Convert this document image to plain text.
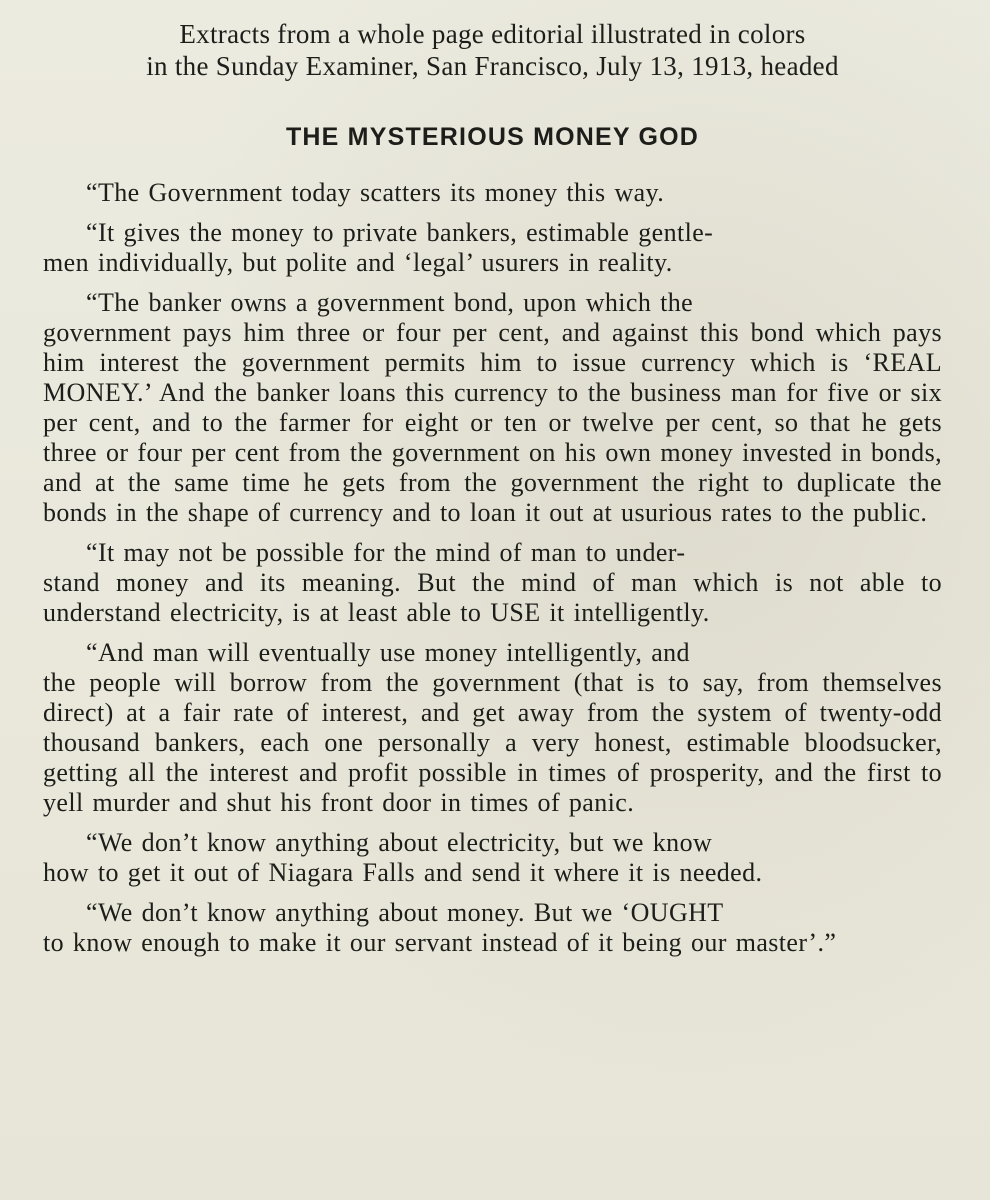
Extracts from a whole page editorial illustrated in colors
in the Sunday Examiner, San Francisco, July 13, 1913, headed

THE MYSTERIOUS MONEY GOD

“The Government today scatters its money this way.

“It gives the money to private bankers, estimable gentle-
men individually, but polite and ‘legal’ usurers in reality.

“The banker owns a government bond, upon which the
government pays him three or four per cent, and against this bond which pays him interest the government permits him to issue currency which is ‘REAL MONEY.’ And the banker loans this currency to the business man for five or six per cent, and to the farmer for eight or ten or twelve per cent, so that he gets three or four per cent from the government on his own money invested in bonds, and at the same time he gets from the government the right to duplicate the bonds in the shape of currency and to loan it out at usurious rates to the public.

“It may not be possible for the mind of man to under-
stand money and its meaning. But the mind of man which is not able to understand electricity, is at least able to USE it intelligently.

“And man will eventually use money intelligently, and
the people will borrow from the government (that is to say, from themselves direct) at a fair rate of interest, and get away from the system of twenty-odd thousand bankers, each one personally a very honest, estimable bloodsucker, getting all the interest and profit possible in times of prosperity, and the first to yell murder and shut his front door in times of panic.

“We don’t know anything about electricity, but we know
how to get it out of Niagara Falls and send it where it is needed.

“We don’t know anything about money. But we ‘OUGHT
to know enough to make it our servant instead of it being our master’.”
